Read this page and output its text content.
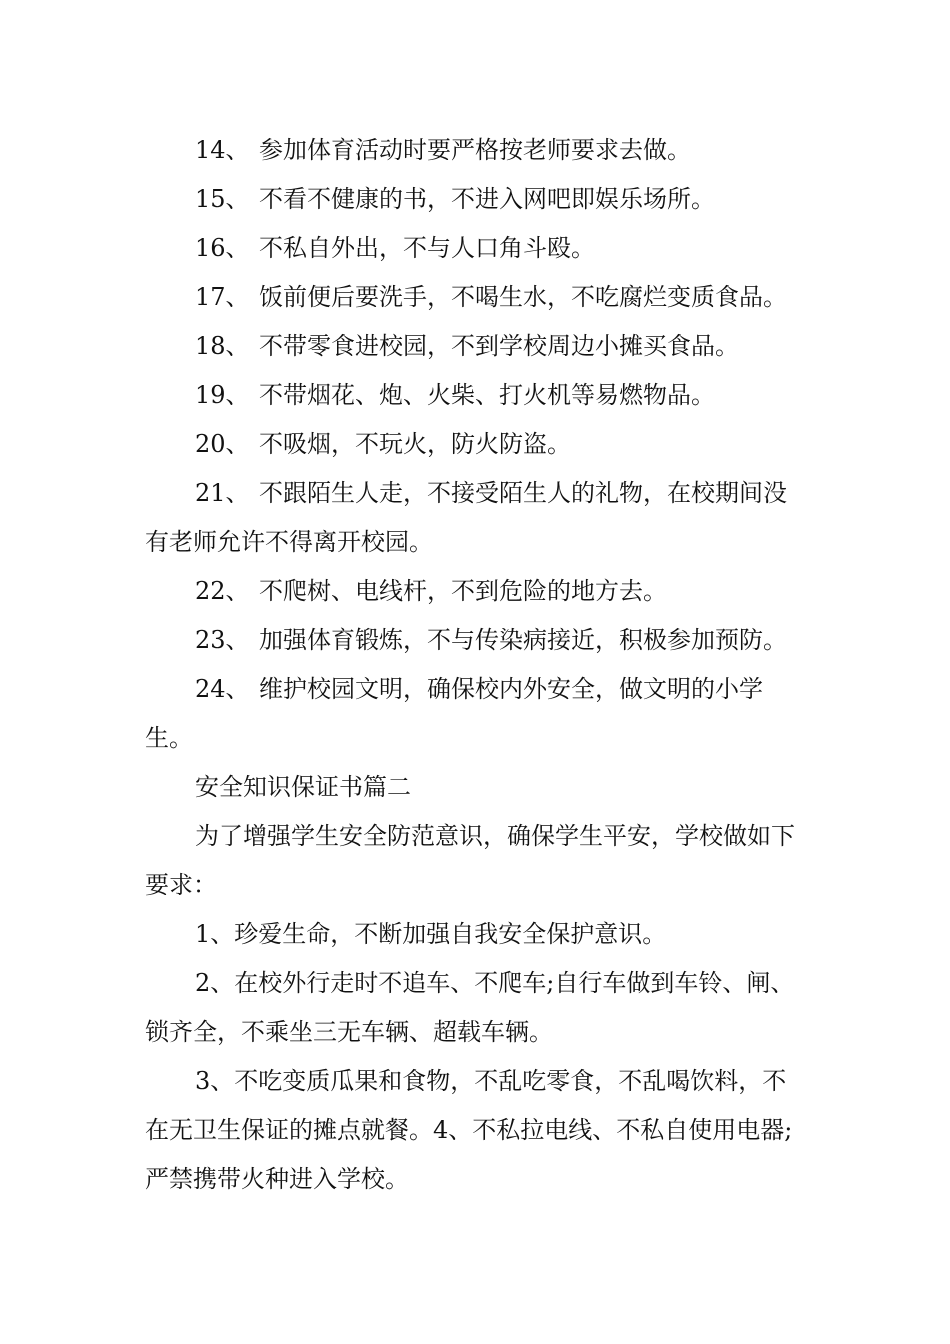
14、 参加体育活动时要严格按老师要求去做。

15、 不看不健康的书，不进入网吧即娱乐场所。

16、 不私自外出，不与人口角斗殴。

17、 饭前便后要洗手，不喝生水，不吃腐烂变质食品。

18、 不带零食进校园，不到学校周边小摊买食品。

19、 不带烟花、炮、火柴、打火机等易燃物品。

20、 不吸烟，不玩火，防火防盗。

21、 不跟陌生人走，不接受陌生人的礼物，在校期间没有老师允许不得离开校园。

22、 不爬树、电线杆，不到危险的地方去。

23、 加强体育锻炼，不与传染病接近，积极参加预防。

24、 维护校园文明，确保校内外安全，做文明的小学生。

安全知识保证书篇二

为了增强学生安全防范意识，确保学生平安，学校做如下要求：

1、珍爱生命，不断加强自我安全保护意识。

2、在校外行走时不追车、不爬车;自行车做到车铃、闸、锁齐全，不乘坐三无车辆、超载车辆。

3、不吃变质瓜果和食物，不乱吃零食，不乱喝饮料，不在无卫生保证的摊点就餐。4、不私拉电线、不私自使用电器;严禁携带火种进入学校。
